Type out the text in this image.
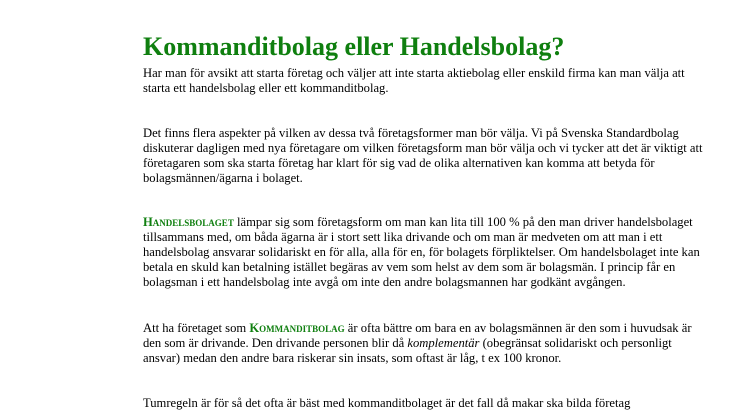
Kommanditbolag eller Handelsbolag?

Har man för avsikt att starta företag och väljer att inte starta aktiebolag eller enskild firma kan man välja att starta ett handelsbolag eller ett kommanditbolag.

Det finns flera aspekter på vilken av dessa två företagsformer man bör välja. Vi på Svenska Standardbolag diskuterar dagligen med nya företagare om vilken företagsform man bör välja och vi tycker att det är viktigt att företagaren som ska starta företag har klart för sig vad de olika alternativen kan komma att betyda för bolagsmännen/ägarna i bolaget.

Handelsbolaget lämpar sig som företagsform om man kan lita till 100 % på den man driver handelsbolaget tillsammans med, om båda ägarna är i stort sett lika drivande och om man är medveten om att man i ett handelsbolag ansvarar solidariskt en för alla, alla för en, för bolagets förpliktelser. Om handelsbolaget inte kan betala en skuld kan betalning istället begäras av vem som helst av dem som är bolagsmän. I princip får en bolagsman i ett handelsbolag inte avgå om inte den andre bolagsmannen har godkänt avgången.

Att ha företaget som Kommanditbolag är ofta bättre om bara en av bolagsmännen är den som i huvudsak är den som är drivande. Den drivande personen blir då komplementär (obegränsat solidariskt och personligt ansvar) medan den andre bara riskerar sin insats, som oftast är låg, t ex 100 kronor.

Tumregeln är för så det ofta är bäst med kommanditbolaget är det fall då makar ska bilda företag
